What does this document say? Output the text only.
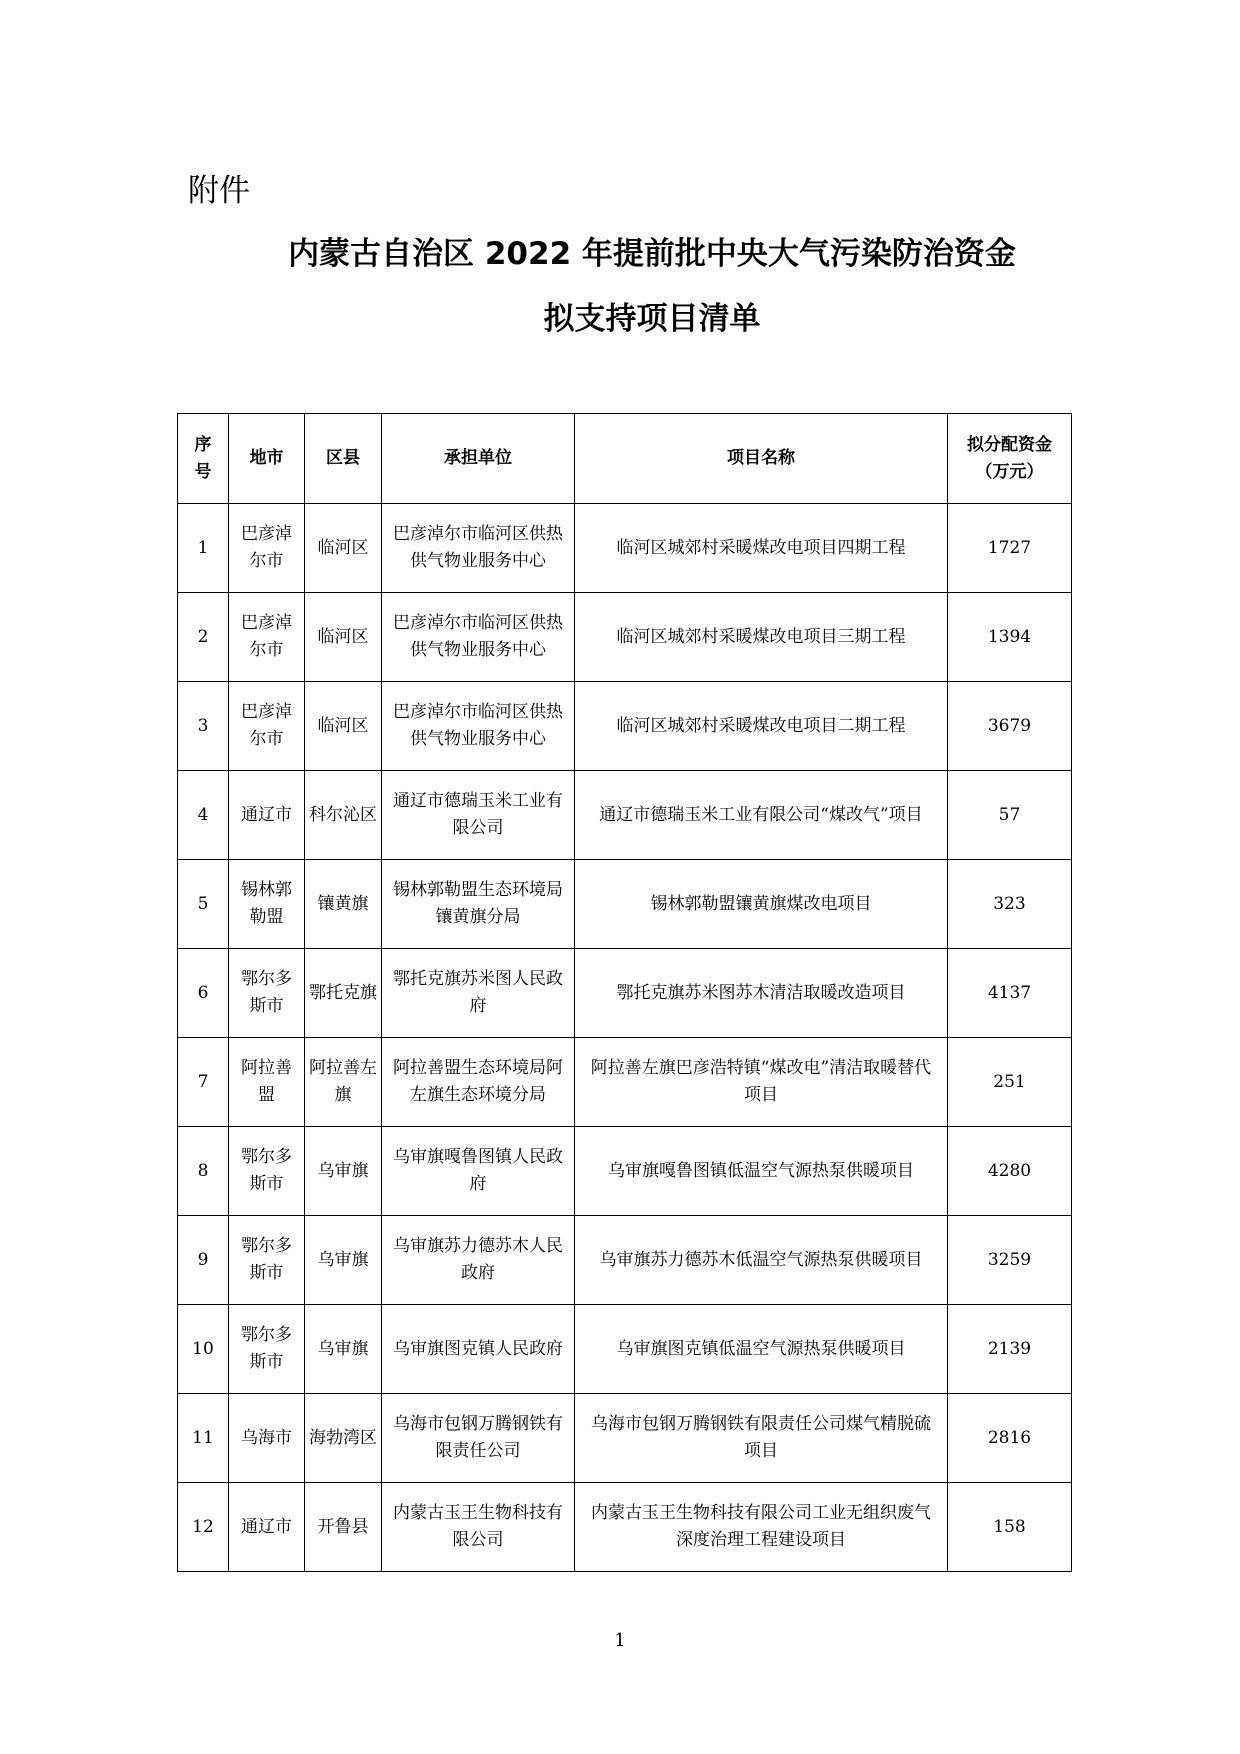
附件
内蒙古自治区 2022 年提前批中央大气污染防治资金
拟支持项目清单
序号	地市	区县	承担单位	项目名称	拟分配资金（万元）
1	巴彦淖尔市	临河区	巴彦淖尔市临河区供热供气物业服务中心	临河区城郊村采暖煤改电项目四期工程	1727
2	巴彦淖尔市	临河区	巴彦淖尔市临河区供热供气物业服务中心	临河区城郊村采暖煤改电项目三期工程	1394
3	巴彦淖尔市	临河区	巴彦淖尔市临河区供热供气物业服务中心	临河区城郊村采暖煤改电项目二期工程	3679
4	通辽市	科尔沁区	通辽市德瑞玉米工业有限公司	通辽市德瑞玉米工业有限公司“煤改气”项目	57
5	锡林郭勒盟	镶黄旗	锡林郭勒盟生态环境局镶黄旗分局	锡林郭勒盟镶黄旗煤改电项目	323
6	鄂尔多斯市	鄂托克旗	鄂托克旗苏米图人民政府	鄂托克旗苏米图苏木清洁取暖改造项目	4137
7	阿拉善盟	阿拉善左旗	阿拉善盟生态环境局阿左旗生态环境分局	阿拉善左旗巴彦浩特镇“煤改电”清洁取暖替代项目	251
8	鄂尔多斯市	乌审旗	乌审旗嘎鲁图镇人民政府	乌审旗嘎鲁图镇低温空气源热泵供暖项目	4280
9	鄂尔多斯市	乌审旗	乌审旗苏力德苏木人民政府	乌审旗苏力德苏木低温空气源热泵供暖项目	3259
10	鄂尔多斯市	乌审旗	乌审旗图克镇人民政府	乌审旗图克镇低温空气源热泵供暖项目	2139
11	乌海市	海勃湾区	乌海市包钢万腾钢铁有限责任公司	乌海市包钢万腾钢铁有限责任公司煤气精脱硫项目	2816
12	通辽市	开鲁县	内蒙古玉王生物科技有限公司	内蒙古玉王生物科技有限公司工业无组织废气深度治理工程建设项目	158
1
